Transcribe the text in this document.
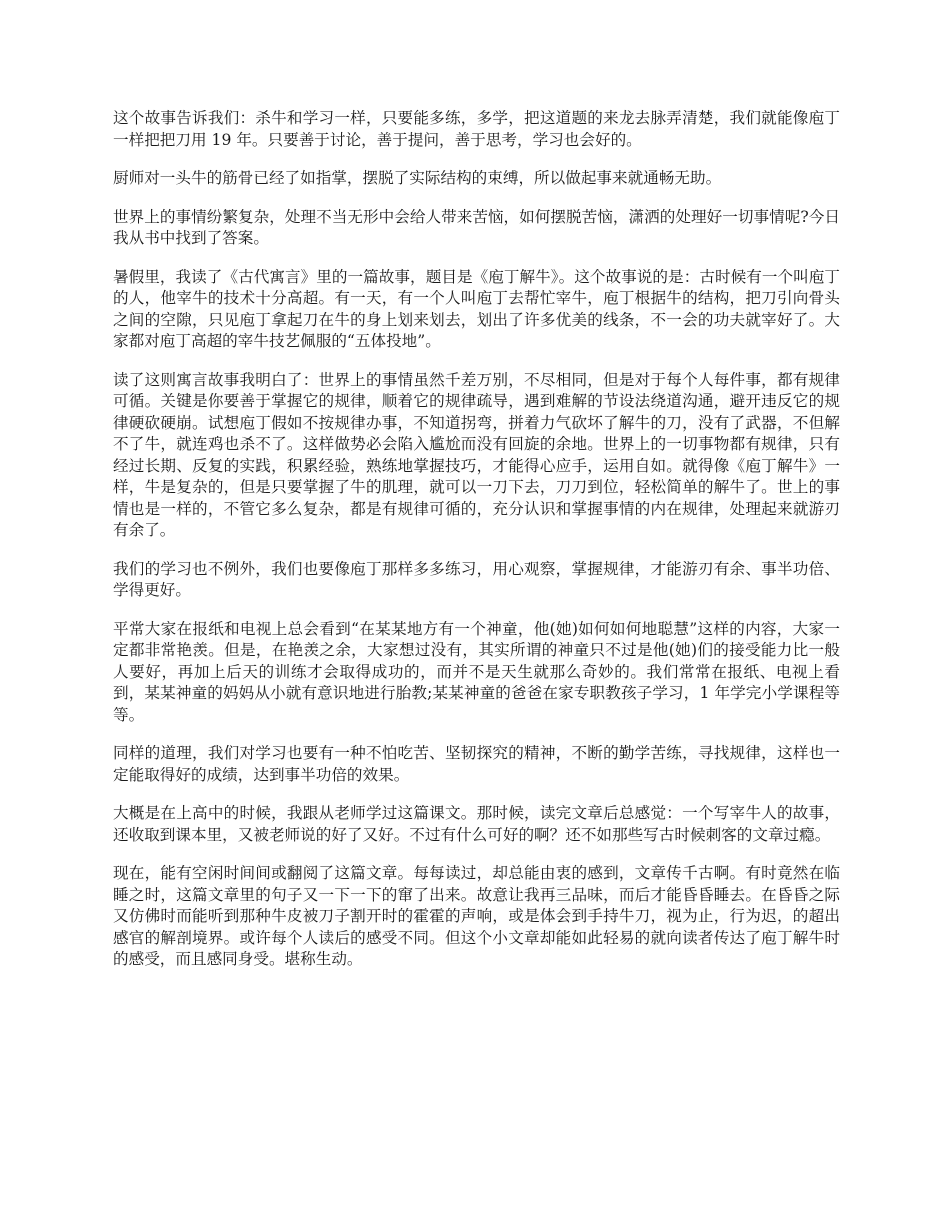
这个故事告诉我们：杀牛和学习一样，只要能多练，多学，把这道题的来龙去脉弄清楚，我们就能像庖丁一样把把刀用 19 年。只要善于讨论，善于提问，善于思考，学习也会好的。

厨师对一头牛的筋骨已经了如指掌，摆脱了实际结构的束缚，所以做起事来就通畅无助。

世界上的事情纷繁复杂，处理不当无形中会给人带来苦恼，如何摆脱苦恼，潇洒的处理好一切事情呢?今日我从书中找到了答案。

暑假里，我读了《古代寓言》里的一篇故事，题目是《庖丁解牛》。这个故事说的是：古时候有一个叫庖丁的人，他宰牛的技术十分高超。有一天，有一个人叫庖丁去帮忙宰牛，庖丁根据牛的结构，把刀引向骨头之间的空隙，只见庖丁拿起刀在牛的身上划来划去，划出了许多优美的线条，不一会的功夫就宰好了。大家都对庖丁高超的宰牛技艺佩服的“五体投地”。

读了这则寓言故事我明白了：世界上的事情虽然千差万别，不尽相同，但是对于每个人每件事，都有规律可循。关键是你要善于掌握它的规律，顺着它的规律疏导，遇到难解的节设法绕道沟通，避开违反它的规律硬砍硬崩。试想庖丁假如不按规律办事，不知道拐弯，拼着力气砍坏了解牛的刀，没有了武器，不但解不了牛，就连鸡也杀不了。这样做势必会陷入尴尬而没有回旋的余地。世界上的一切事物都有规律，只有经过长期、反复的实践，积累经验，熟练地掌握技巧，才能得心应手，运用自如。就得像《庖丁解牛》一样，牛是复杂的，但是只要掌握了牛的肌理，就可以一刀下去，刀刀到位，轻松简单的解牛了。世上的事情也是一样的，不管它多么复杂，都是有规律可循的，充分认识和掌握事情的内在规律，处理起来就游刃有余了。

我们的学习也不例外，我们也要像庖丁那样多多练习，用心观察，掌握规律，才能游刃有余、事半功倍、学得更好。

平常大家在报纸和电视上总会看到“在某某地方有一个神童，他(她)如何如何地聪慧”这样的内容，大家一定都非常艳羡。但是，在艳羡之余，大家想过没有，其实所谓的神童只不过是他(她)们的接受能力比一般人要好，再加上后天的训练才会取得成功的，而并不是天生就那么奇妙的。我们常常在报纸、电视上看到，某某神童的妈妈从小就有意识地进行胎教;某某神童的爸爸在家专职教孩子学习，1 年学完小学课程等等。

同样的道理，我们对学习也要有一种不怕吃苦、坚韧探究的精神，不断的勤学苦练，寻找规律，这样也一定能取得好的成绩，达到事半功倍的效果。

大概是在上高中的时候，我跟从老师学过这篇课文。那时候，读完文章后总感觉：一个写宰牛人的故事，还收取到课本里，又被老师说的好了又好。不过有什么可好的啊？还不如那些写古时候刺客的文章过瘾。

现在，能有空闲时间间或翻阅了这篇文章。每每读过，却总能由衷的感到，文章传千古啊。有时竟然在临睡之时，这篇文章里的句子又一下一下的窜了出来。故意让我再三品味，而后才能昏昏睡去。在昏昏之际又仿佛时而能听到那种牛皮被刀子割开时的霍霍的声响，或是体会到手持牛刀，视为止，行为迟，的超出感官的解剖境界。或许每个人读后的感受不同。但这个小文章却能如此轻易的就向读者传达了庖丁解牛时的感受，而且感同身受。堪称生动。
